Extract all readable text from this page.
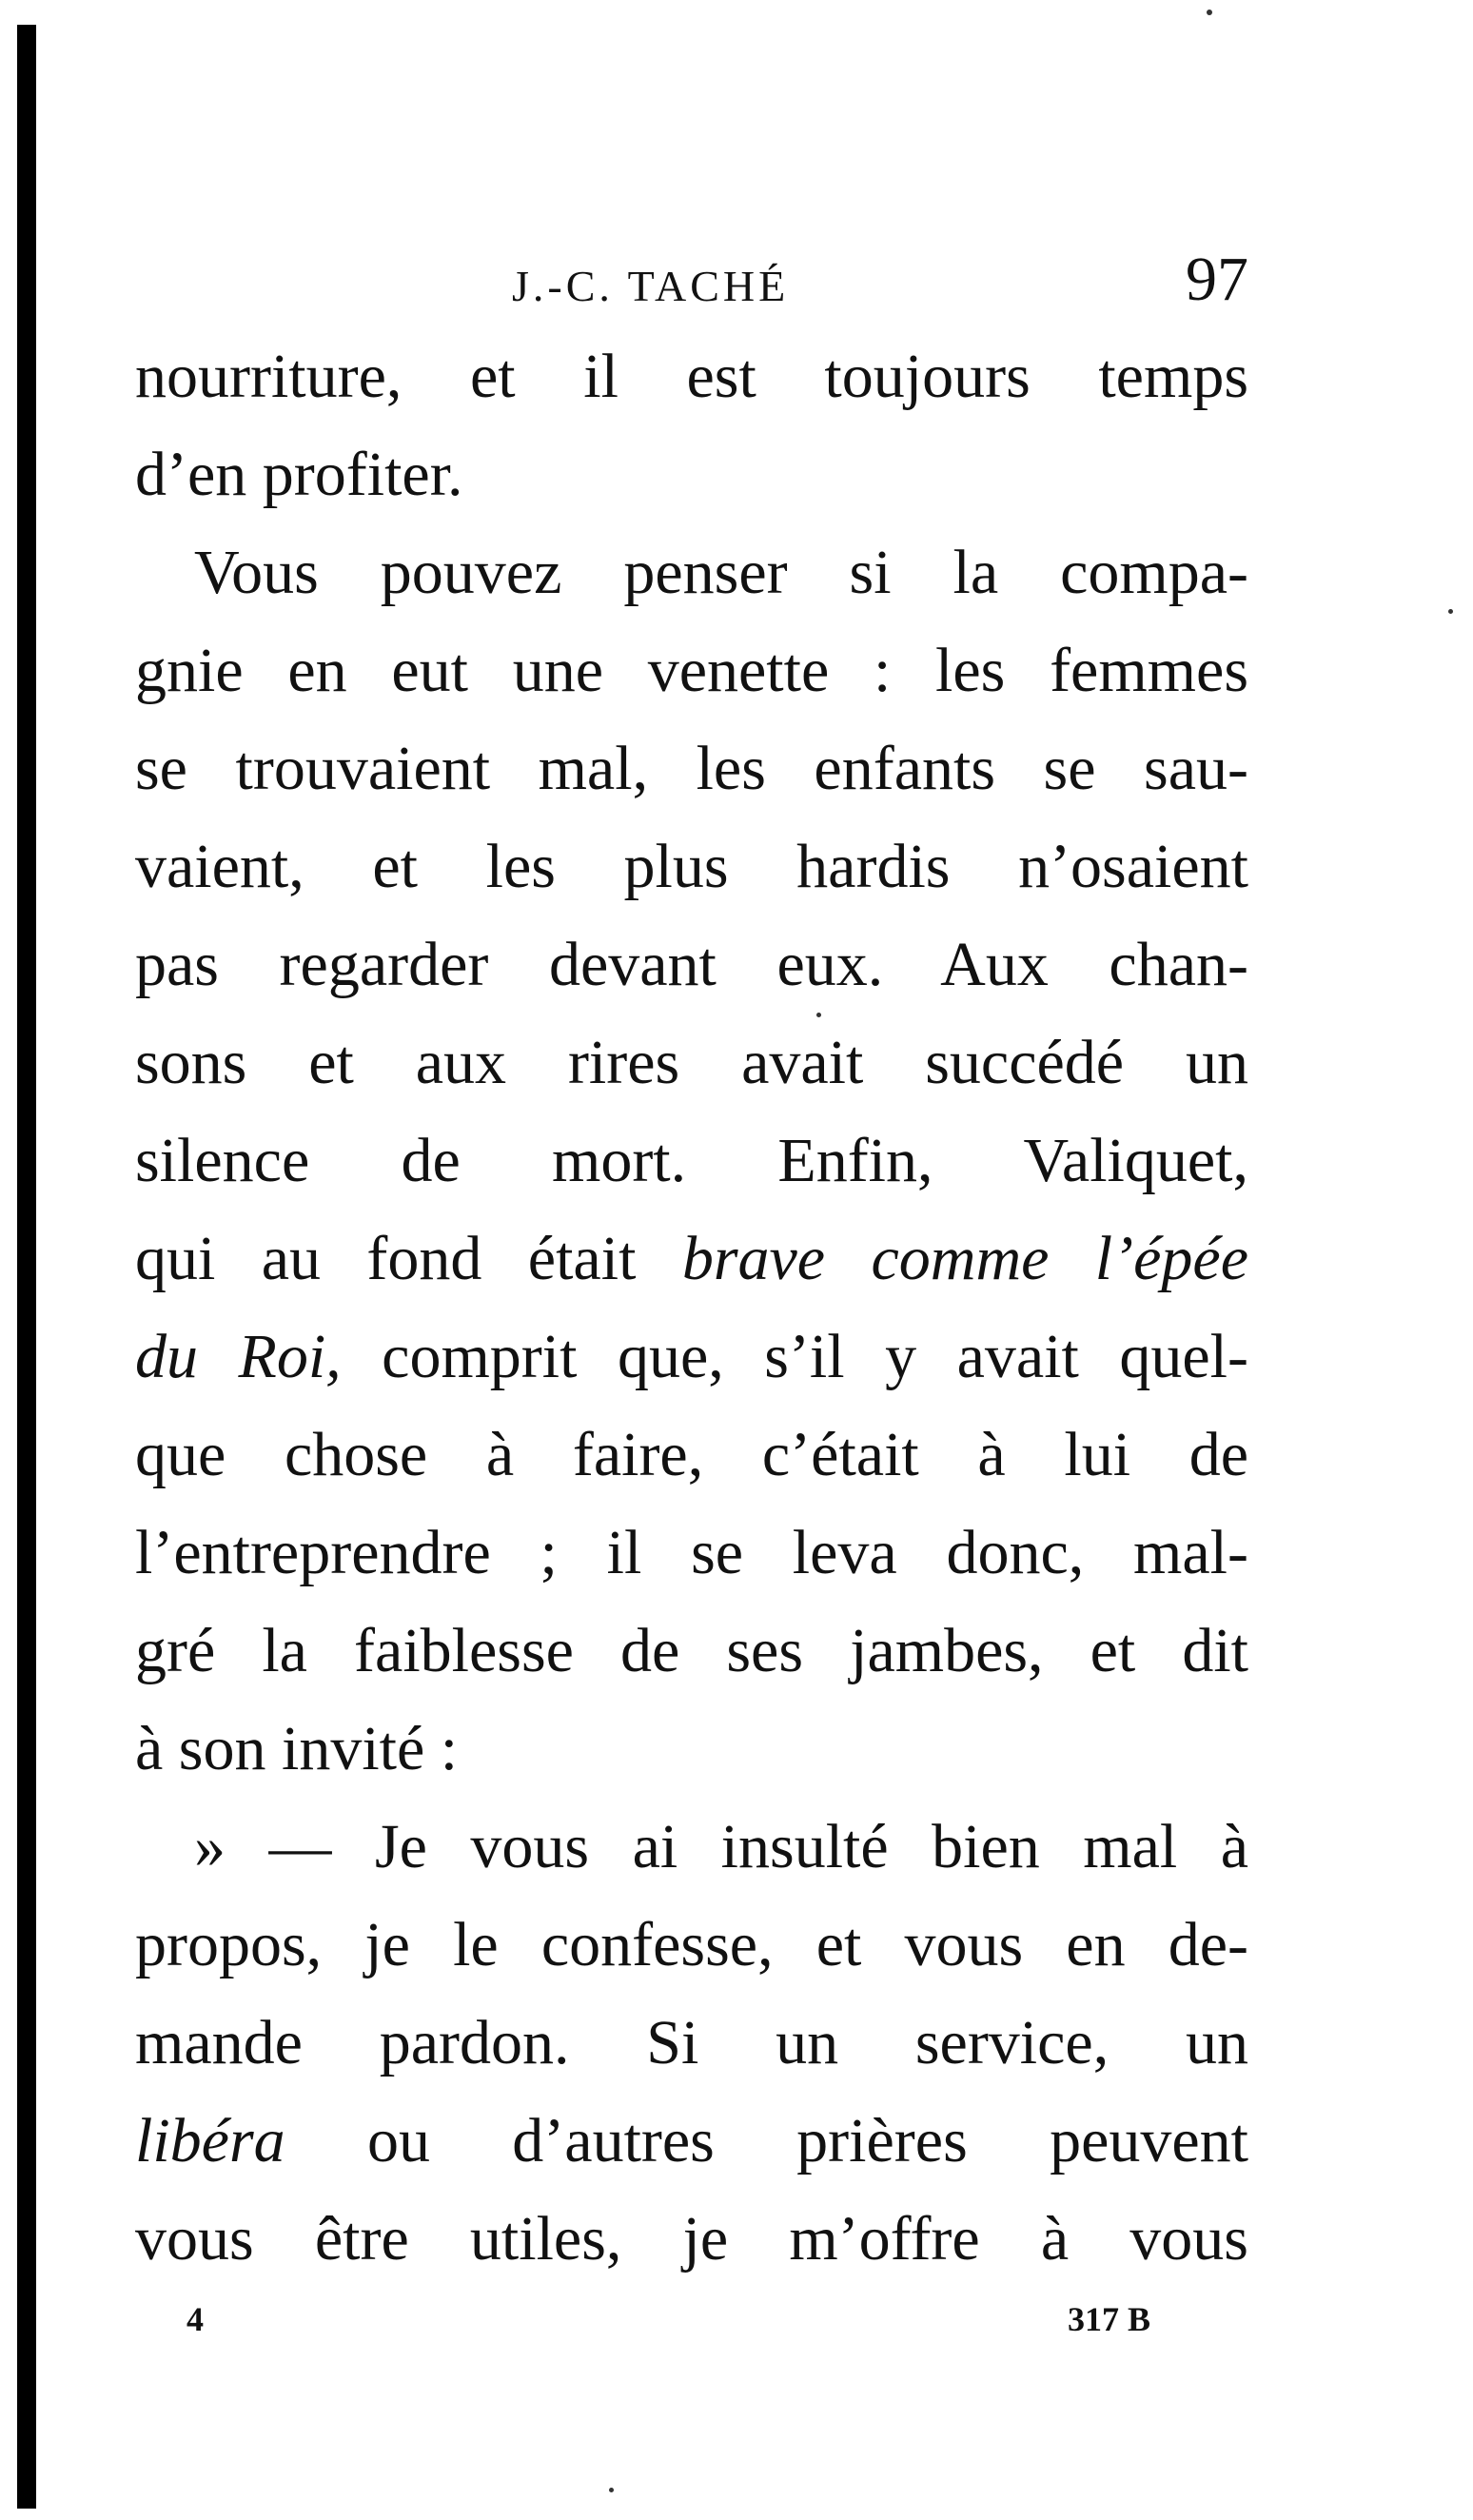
J.-C. TACHÉ	97
nourriture, et il est toujours temps
d’en profiter.
Vous pouvez penser si la compa-
gnie en eut une venette : les femmes
se trouvaient mal, les enfants se sau-
vaient, et les plus hardis n’osaient
pas regarder devant eux. Aux chan-
sons et aux rires avait succédé un
silence de mort. Enfin, Valiquet,
qui au fond était brave comme l’épée
du Roi, comprit que, s’il y avait quel-
que chose à faire, c’était à lui de
l’entreprendre ; il se leva donc, mal-
gré la faiblesse de ses jambes, et dit
à son invité :
» — Je vous ai insulté bien mal à
propos, je le confesse, et vous en de-
mande pardon. Si un service, un
libéra ou d’autres prières peuvent
vous être utiles, je m’offre à vous
4	317 B
